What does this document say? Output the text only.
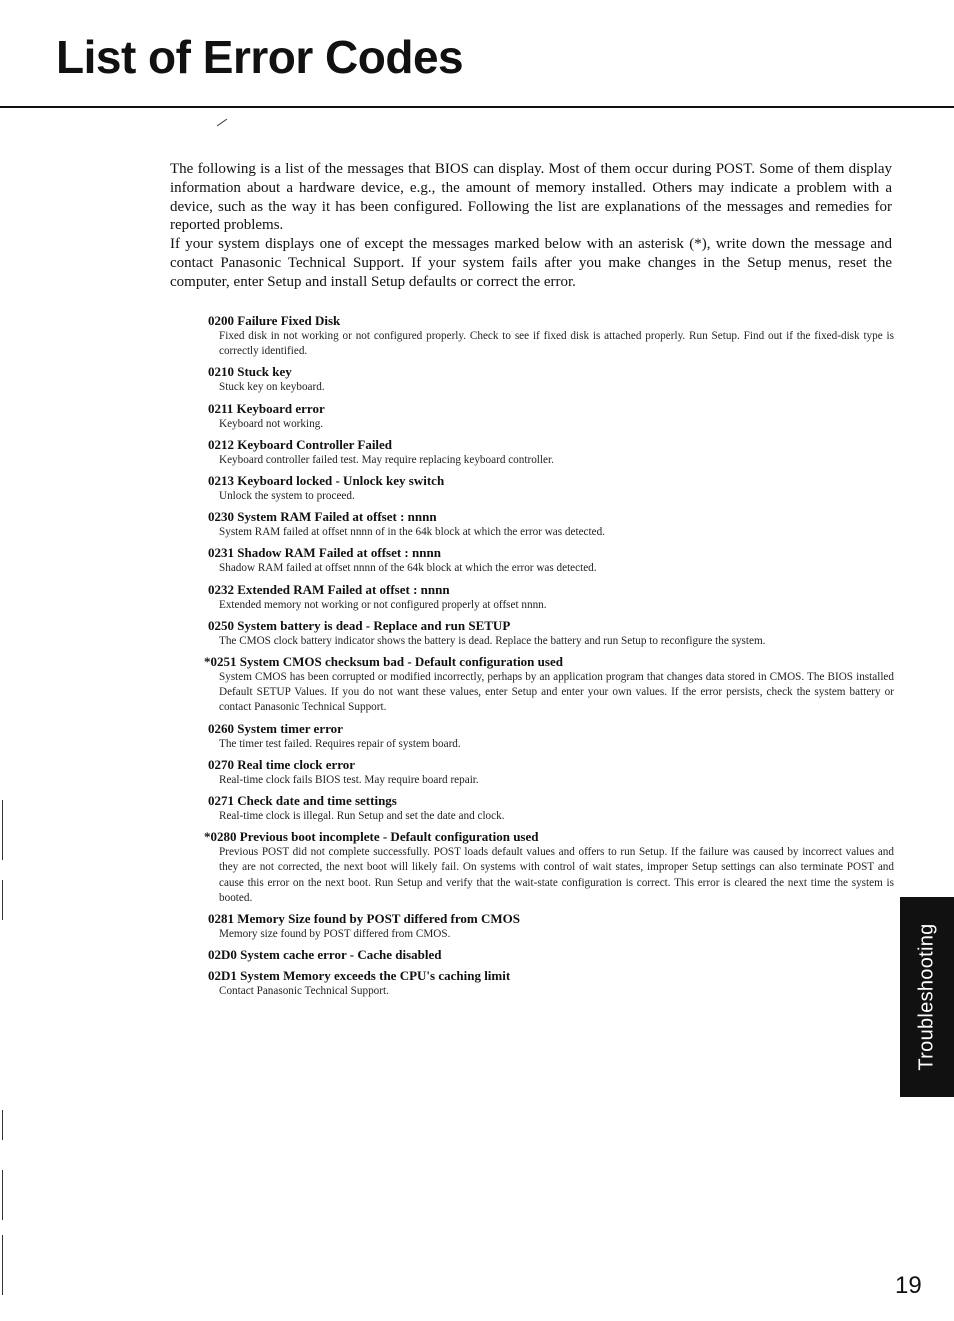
List of Error Codes

The following is a list of the messages that BIOS can display. Most of them occur during POST. Some of them display information about a hardware device, e.g., the amount of memory installed. Others may indicate a problem with a device, such as the way it has been configured. Following the list are explanations of the messages and remedies for reported problems.

If your system displays one of except the messages marked below with an asterisk (*), write down the message and contact Panasonic Technical Support. If your system fails after you make changes in the Setup menus, reset the computer, enter Setup and install Setup defaults or correct the error.

0200 Failure Fixed Disk
Fixed disk in not working or not configured properly. Check to see if fixed disk is attached properly. Run Setup. Find out if the fixed-disk type is correctly identified.
0210 Stuck key
Stuck key on keyboard.
0211 Keyboard error
Keyboard not working.
0212 Keyboard Controller Failed
Keyboard controller failed test. May require replacing keyboard controller.
0213 Keyboard locked - Unlock key switch
Unlock the system to proceed.
0230 System RAM Failed at offset : nnnn
System RAM failed at offset nnnn of in the 64k block at which the error was detected.
0231 Shadow RAM Failed at offset : nnnn
Shadow RAM failed at offset nnnn of the 64k block at which the error was detected.
0232 Extended RAM Failed at offset : nnnn
Extended memory not working or not configured properly at offset nnnn.
0250 System battery is dead - Replace and run SETUP
The CMOS clock battery indicator shows the battery is dead. Replace the battery and run Setup to reconfigure the system.
*0251 System CMOS checksum bad - Default configuration used
System CMOS has been corrupted or modified incorrectly, perhaps by an application program that changes data stored in CMOS. The BIOS installed Default SETUP Values. If you do not want these values, enter Setup and enter your own values. If the error persists, check the system battery or contact Panasonic Technical Support.
0260 System timer error
The timer test failed. Requires repair of system board.
0270 Real time clock error
Real-time clock fails BIOS test. May require board repair.
0271 Check date and time settings
Real-time clock is illegal. Run Setup and set the date and clock.
*0280 Previous boot incomplete - Default configuration used
Previous POST did not complete successfully. POST loads default values and offers to run Setup. If the failure was caused by incorrect values and they are not corrected, the next boot will likely fail. On systems with control of wait states, improper Setup settings can also terminate POST and cause this error on the next boot. Run Setup and verify that the wait-state configuration is correct. This error is cleared the next time the system is booted.
0281 Memory Size found by POST differed from CMOS
Memory size found by POST differed from CMOS.
02D0 System cache error - Cache disabled
02D1 System Memory exceeds the CPU's caching limit
Contact Panasonic Technical Support.	Troubleshooting
19
